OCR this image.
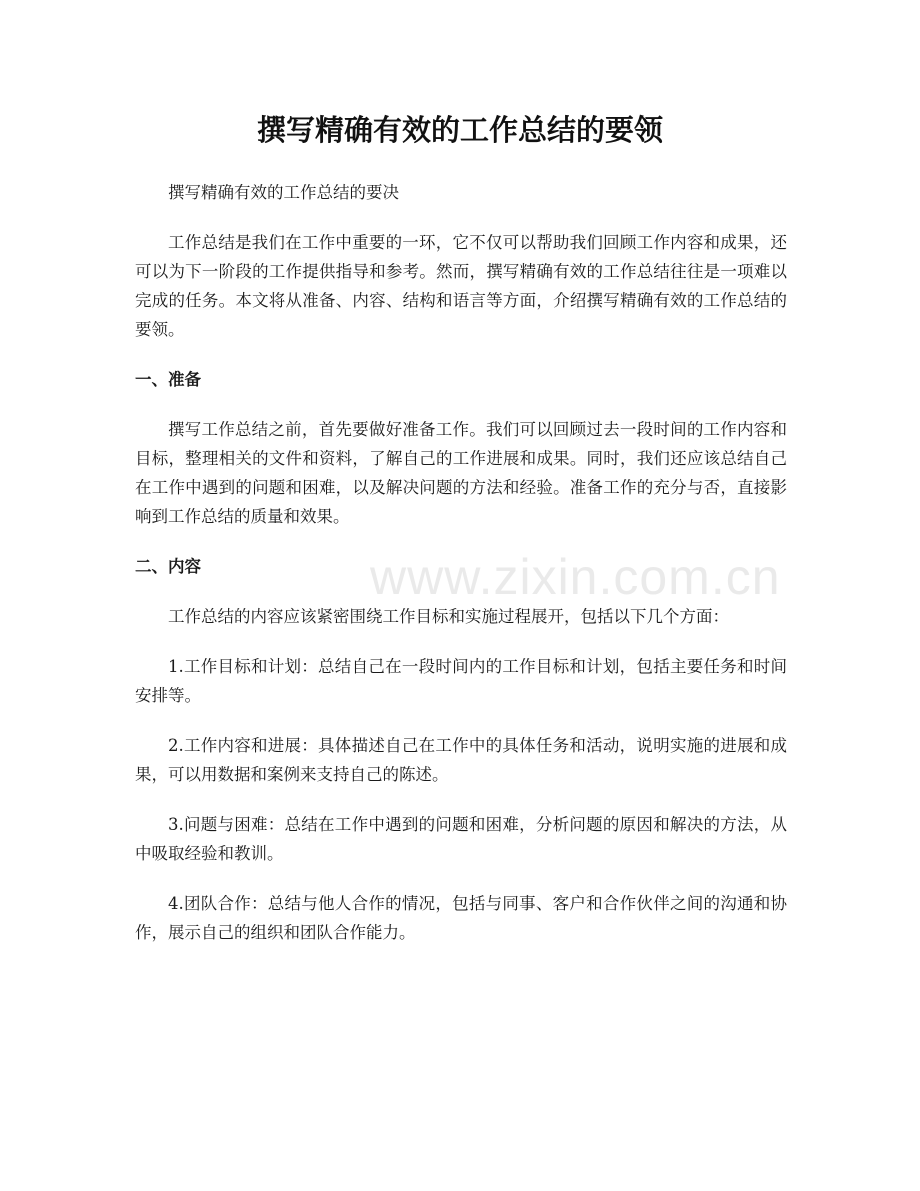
撰写精确有效的工作总结的要领

撰写精确有效的工作总结的要决

工作总结是我们在工作中重要的一环，它不仅可以帮助我们回顾工作内容和成果，还可以为下一阶段的工作提供指导和参考。然而，撰写精确有效的工作总结往往是一项难以完成的任务。本文将从准备、内容、结构和语言等方面，介绍撰写精确有效的工作总结的要领。

一、准备

撰写工作总结之前，首先要做好准备工作。我们可以回顾过去一段时间的工作内容和目标，整理相关的文件和资料，了解自己的工作进展和成果。同时，我们还应该总结自己在工作中遇到的问题和困难，以及解决问题的方法和经验。准备工作的充分与否，直接影响到工作总结的质量和效果。

二、内容

工作总结的内容应该紧密围绕工作目标和实施过程展开，包括以下几个方面：

1.工作目标和计划：总结自己在一段时间内的工作目标和计划，包括主要任务和时间安排等。

2.工作内容和进展：具体描述自己在工作中的具体任务和活动，说明实施的进展和成果，可以用数据和案例来支持自己的陈述。

3.问题与困难：总结在工作中遇到的问题和困难，分析问题的原因和解决的方法，从中吸取经验和教训。

4.团队合作：总结与他人合作的情况，包括与同事、客户和合作伙伴之间的沟通和协作，展示自己的组织和团队合作能力。

www.zixin.com.cn
